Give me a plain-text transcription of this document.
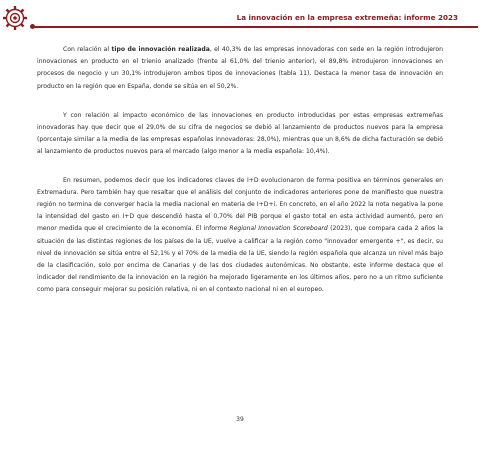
La innovación en la empresa extremeña: informe 2023

Con relación al tipo de innovación realizada, el 40,3% de las empresas innovadoras con sede en la región introdujeron innovaciones en producto en el trienio analizado (frente al 61,0% del trienio anterior), el 89,8% introdujeron innovaciones en procesos de negocio y un 30,1% introdujeron ambos tipos de innovaciones (tabla 11). Destaca la menor tasa de innovación en producto en la región que en España, donde se sitúa en el 50,2%.

Y con relación al impacto económico de las innovaciones en producto introducidas por estas empresas extremeñas innovadoras hay que decir que el 29,0% de su cifra de negocios se debió al lanzamiento de productos nuevos para la empresa (porcentaje similar a la media de las empresas españolas innovadoras: 28,0%), mientras que un 8,6% de dicha facturación se debió al lanzamiento de productos nuevos para el mercado (algo menor a la media española: 10,4%).

En resumen, podemos decir que los indicadores claves de I+D evolucionaron de forma positiva en términos generales en Extremadura. Pero también hay que resaltar que el análisis del conjunto de indicadores anteriores pone de manifiesto que nuestra región no termina de converger hacia la media nacional en materia de I+D+i. En concreto, en el año 2022 la nota negativa la pone la intensidad del gasto en I+D que descendió hasta el 0,70% del PIB porque el gasto total en esta actividad aumentó, pero en menor medida que el crecimiento de la economía. El informe Regional Innovation Scoreboard (2023), que compara cada 2 años la situación de las distintas regiones de los países de la UE, vuelve a calificar a la región como "innovador emergente +", es decir, su nivel de innovación se sitúa entre el 52,1% y el 70% de la media de la UE, siendo la región española que alcanza un nivel más bajo de la clasificación, solo por encima de Canarias y de las dos ciudades autonómicas. No obstante, este informe destaca que el indicador del rendimiento de la innovación en la región ha mejorado ligeramente en los últimos años, pero no a un ritmo suficiente como para conseguir mejorar su posición relativa, ni en el contexto nacional ni en el europeo.

39
